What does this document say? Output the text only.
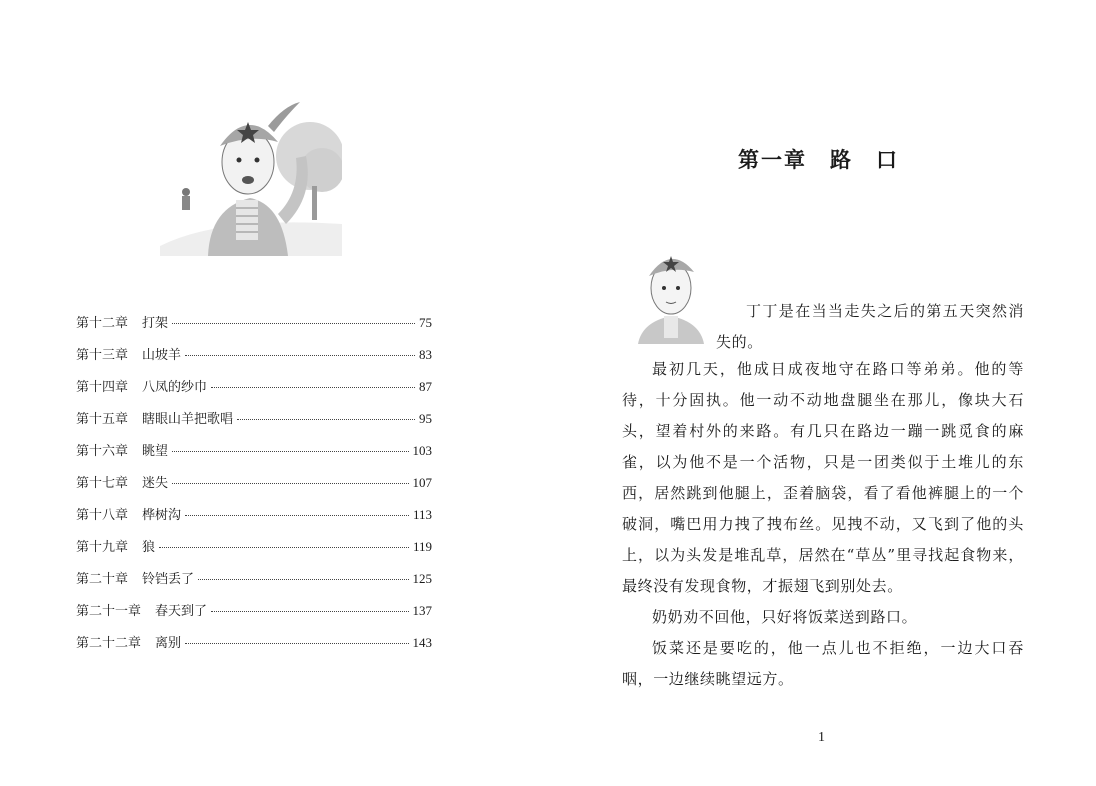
第十二章 打架	75
第十三章 山坡羊	83
第十四章 八凤的纱巾	87
第十五章 瞎眼山羊把歌唱	95
第十六章 眺望	103
第十七章 迷失	107
第十八章 桦树沟	113
第十九章 狼	119
第二十章 铃铛丢了	125
第二十一章 春天到了	137
第二十二章 离别	143
第一章　路　口

丁丁是在当当走失之后的第五天突然消失的。

最初几天，他成日成夜地守在路口等弟弟。他的等待，十分固执。他一动不动地盘腿坐在那儿，像块大石头，望着村外的来路。有几只在路边一蹦一跳觅食的麻雀，以为他不是一个活物，只是一团类似于土堆儿的东西，居然跳到他腿上，歪着脑袋，看了看他裤腿上的一个破洞，嘴巴用力拽了拽布丝。见拽不动，又飞到了他的头上，以为头发是堆乱草，居然在“草丛”里寻找起食物来，最终没有发现食物，才振翅飞到别处去。

奶奶劝不回他，只好将饭菜送到路口。

饭菜还是要吃的，他一点儿也不拒绝，一边大口吞咽，一边继续眺望远方。

1
